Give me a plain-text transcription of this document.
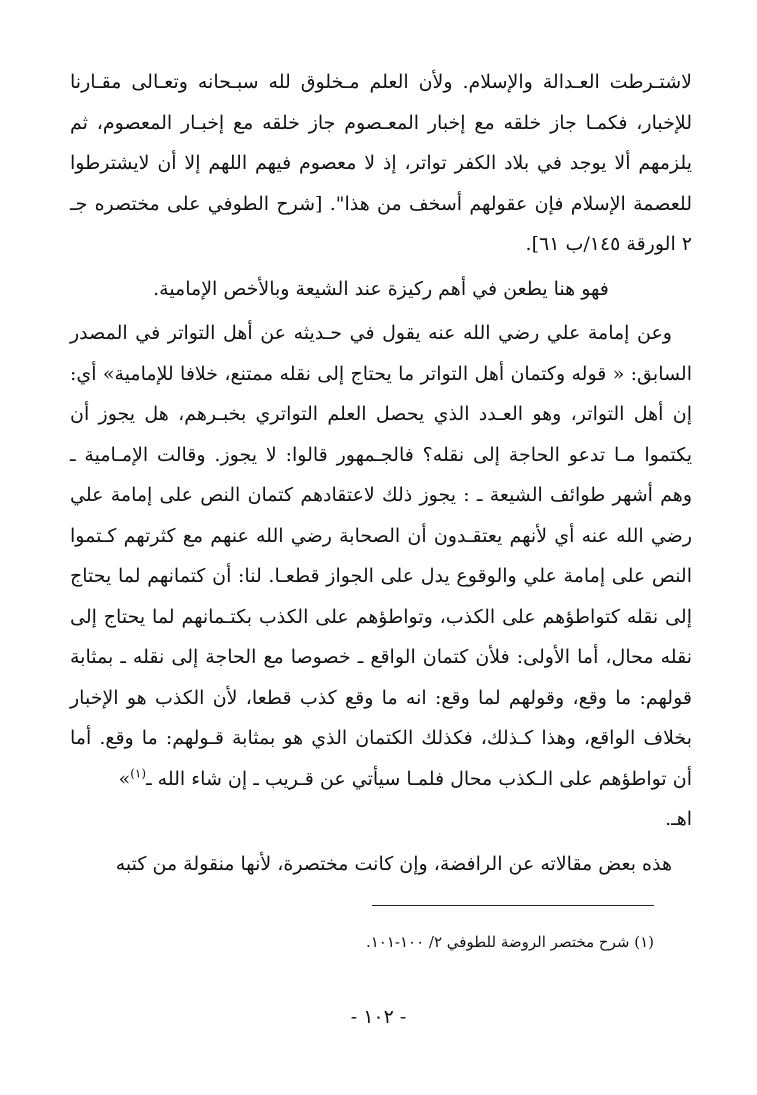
لاشتـرطت العـدالة والإسلام. ولأن العلم مـخلوق لله سبـحانه وتعـالى مقـارنا للإخبار، فكمـا جاز خلقه مع إخبار المعـصوم جاز خلقه مع إخبـار المعصوم، ثم يلزمهم ألا يوجد في بلاد الكفر تواتر، إذ لا معصوم فيهم اللهم إلا أن لايشترطوا للعصمة الإسلام فإن عقولهم أسخف من هذا". [شرح الطوفي على مختصره جـ ٢ الورقة ١٤٥/ب ٦١].

فهو هنا يطعن في أهم ركيزة عند الشيعة وبالأخص الإمامية.

وعن إمامة علي رضي الله عنه يقول في حـديثه عن أهل التواتر في المصدر السابق: « قوله وكتمان أهل التواتر ما يحتاج إلى نقله ممتنع، خلافا للإمامية» أي: إن أهل التواتر، وهو العـدد الذي يحصل العلم التواتري بخبـرهم، هل يجوز أن يكتموا مـا تدعو الحاجة إلى نقله؟ فالجـمهور قالوا: لا يجوز. وقالت الإمـامية ـ وهم أشهر طوائف الشيعة ـ : يجوز ذلك لاعتقادهم كتمان النص على إمامة علي رضي الله عنه أي لأنهم يعتقـدون أن الصحابة رضي الله عنهم مع كثرتهم كـتموا النص على إمامة علي والوقوع يدل على الجواز قطعـا. لنا: أن كتمانهم لما يحتاج إلى نقله كتواطؤهم على الكذب، وتواطؤهم على الكذب بكتـمانهم لما يحتاج إلى نقله محال، أما الأولى: فلأن كتمان الواقع ـ خصوصا مع الحاجة إلى نقله ـ بمثابة قولهم: ما وقع، وقولهم لما وقع: انه ما وقع كذب قطعا، لأن الكذب هو الإخبار بخلاف الواقع، وهذا كـذلك، فكذلك الكتمان الذي هو بمثابة قـولهم: ما وقع. أما أن تواطؤهم على الـكذب محال فلمـا سيأتي عن قـريب ـ إن شاء الله ـ$^{(١)}$»

اهـ.

هذه بعض مقالاته عن الرافضة، وإن كانت مختصرة، لأنها منقولة من كتبه

(١) شرح مختصر الروضة للطوفي ٢/ ١٠٠-١٠١.
- ١٠٢ -
